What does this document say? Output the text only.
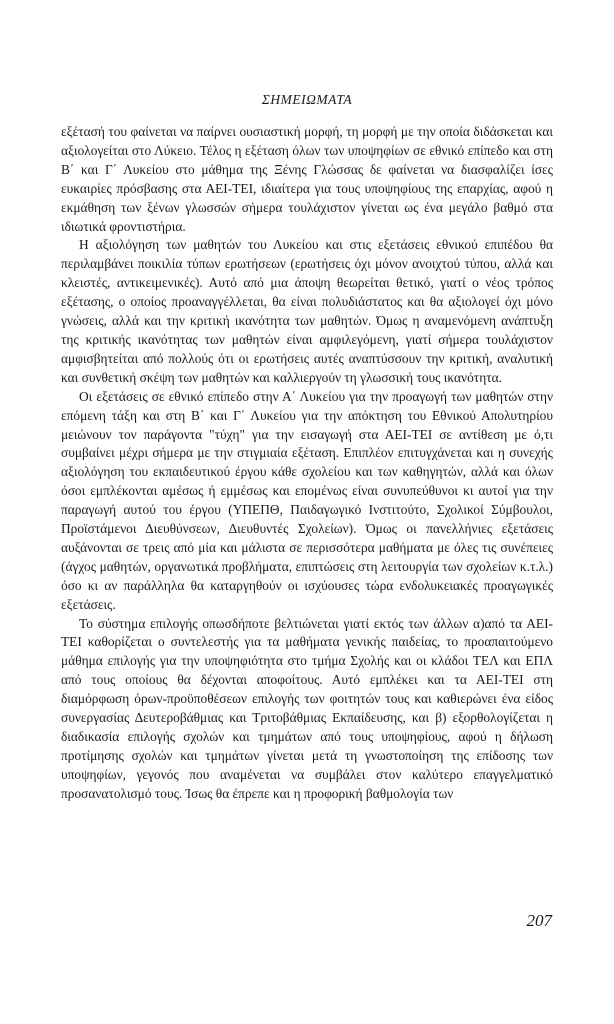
ΣΗΜΕΙΩΜΑΤΑ

εξέτασή του φαίνεται να παίρνει ουσιαστική μορφή, τη μορφή με την οποία διδάσκεται και αξιολογείται στο Λύκειο. Τέλος η εξέταση όλων των υποψηφίων σε εθνικό επίπεδο και στη Β΄ και Γ΄ Λυκείου στο μάθημα της Ξένης Γλώσσας δε φαίνεται να διασφαλίζει ίσες ευκαιρίες πρόσβασης στα ΑΕΙ-ΤΕΙ, ιδιαίτερα για τους υποψηφίους της επαρχίας, αφού η εκμάθηση των ξένων γλωσσών σήμερα τουλάχιστον γίνεται ως ένα μεγάλο βαθμό στα ιδιωτικά φροντιστήρια.

Η αξιολόγηση των μαθητών του Λυκείου και στις εξετάσεις εθνικού επιπέδου θα περιλαμβάνει ποικιλία τύπων ερωτήσεων (ερωτήσεις όχι μόνον ανοιχτού τύπου, αλλά και κλειστές, αντικειμενικές). Αυτό από μια άποψη θεωρείται θετικό, γιατί ο νέος τρόπος εξέτασης, ο οποίος προαναγγέλλεται, θα είναι πολυδιάστατος και θα αξιολογεί όχι μόνο γνώσεις, αλλά και την κριτική ικανότητα των μαθητών. Όμως η αναμενόμενη ανάπτυξη της κριτικής ικανότητας των μαθητών είναι αμφιλεγόμενη, γιατί σήμερα τουλάχιστον αμφισβητείται από πολλούς ότι οι ερωτήσεις αυτές αναπτύσσουν την κριτική, αναλυτική και συνθετική σκέψη των μαθητών και καλλιεργούν τη γλωσσική τους ικανότητα.

Οι εξετάσεις σε εθνικό επίπεδο στην Α΄ Λυκείου για την προαγωγή των μαθητών στην επόμενη τάξη και στη Β΄ και Γ΄ Λυκείου για την απόκτηση του Εθνικού Απολυτηρίου μειώνουν τον παράγοντα "τύχη" για την εισαγωγή στα ΑΕΙ-ΤΕΙ σε αντίθεση με ό,τι συμβαίνει μέχρι σήμερα με την στιγμιαία εξέταση. Επιπλέον επιτυγχάνεται και η συνεχής αξιολόγηση του εκπαιδευτικού έργου κάθε σχολείου και των καθηγητών, αλλά και όλων όσοι εμπλέκονται αμέσως ή εμμέσως και επομένως είναι συνυπεύθυνοι κι αυτοί για την παραγωγή αυτού του έργου (ΥΠΕΠΘ, Παιδαγωγικό Ινστιτούτο, Σχολικοί Σύμβουλοι, Προϊστάμενοι Διευθύνσεων, Διευθυντές Σχολείων). Όμως οι πανελλήνιες εξετάσεις αυξάνονται σε τρεις από μία και μάλιστα σε περισσότερα μαθήματα με όλες τις συνέπειες (άγχος μαθητών, οργανωτικά προβλήματα, επιπτώσεις στη λειτουργία των σχολείων κ.τ.λ.) όσο κι αν παράλληλα θα καταργηθούν οι ισχύουσες τώρα ενδολυκειακές προαγωγικές εξετάσεις.

Το σύστημα επιλογής οπωσδήποτε βελτιώνεται γιατί εκτός των άλλων α)από τα ΑΕΙ-ΤΕΙ καθορίζεται ο συντελεστής για τα μαθήματα γενικής παιδείας, το προαπαιτούμενο μάθημα επιλογής για την υποψηφιότητα στο τμήμα Σχολής και οι κλάδοι ΤΕΛ και ΕΠΛ από τους οποίους θα δέχονται αποφοίτους. Αυτό εμπλέκει και τα ΑΕΙ-ΤΕΙ στη διαμόρφωση όρων-προϋποθέσεων επιλογής των φοιτητών τους και καθιερώνει ένα είδος συνεργασίας Δευτεροβάθμιας και Τριτοβάθμιας Εκπαίδευσης, και β) εξορθολογίζεται η διαδικασία επιλογής σχολών και τμημάτων από τους υποψηφίους, αφού η δήλωση προτίμησης σχολών και τμημάτων γίνεται μετά τη γνωστοποίηση της επίδοσης των υποψηφίων, γεγονός που αναμένεται να συμβάλει στον καλύτερο επαγγελματικό προσανατολισμό τους. Ίσως θα έπρεπε και η προφορική βαθμολογία των

207
